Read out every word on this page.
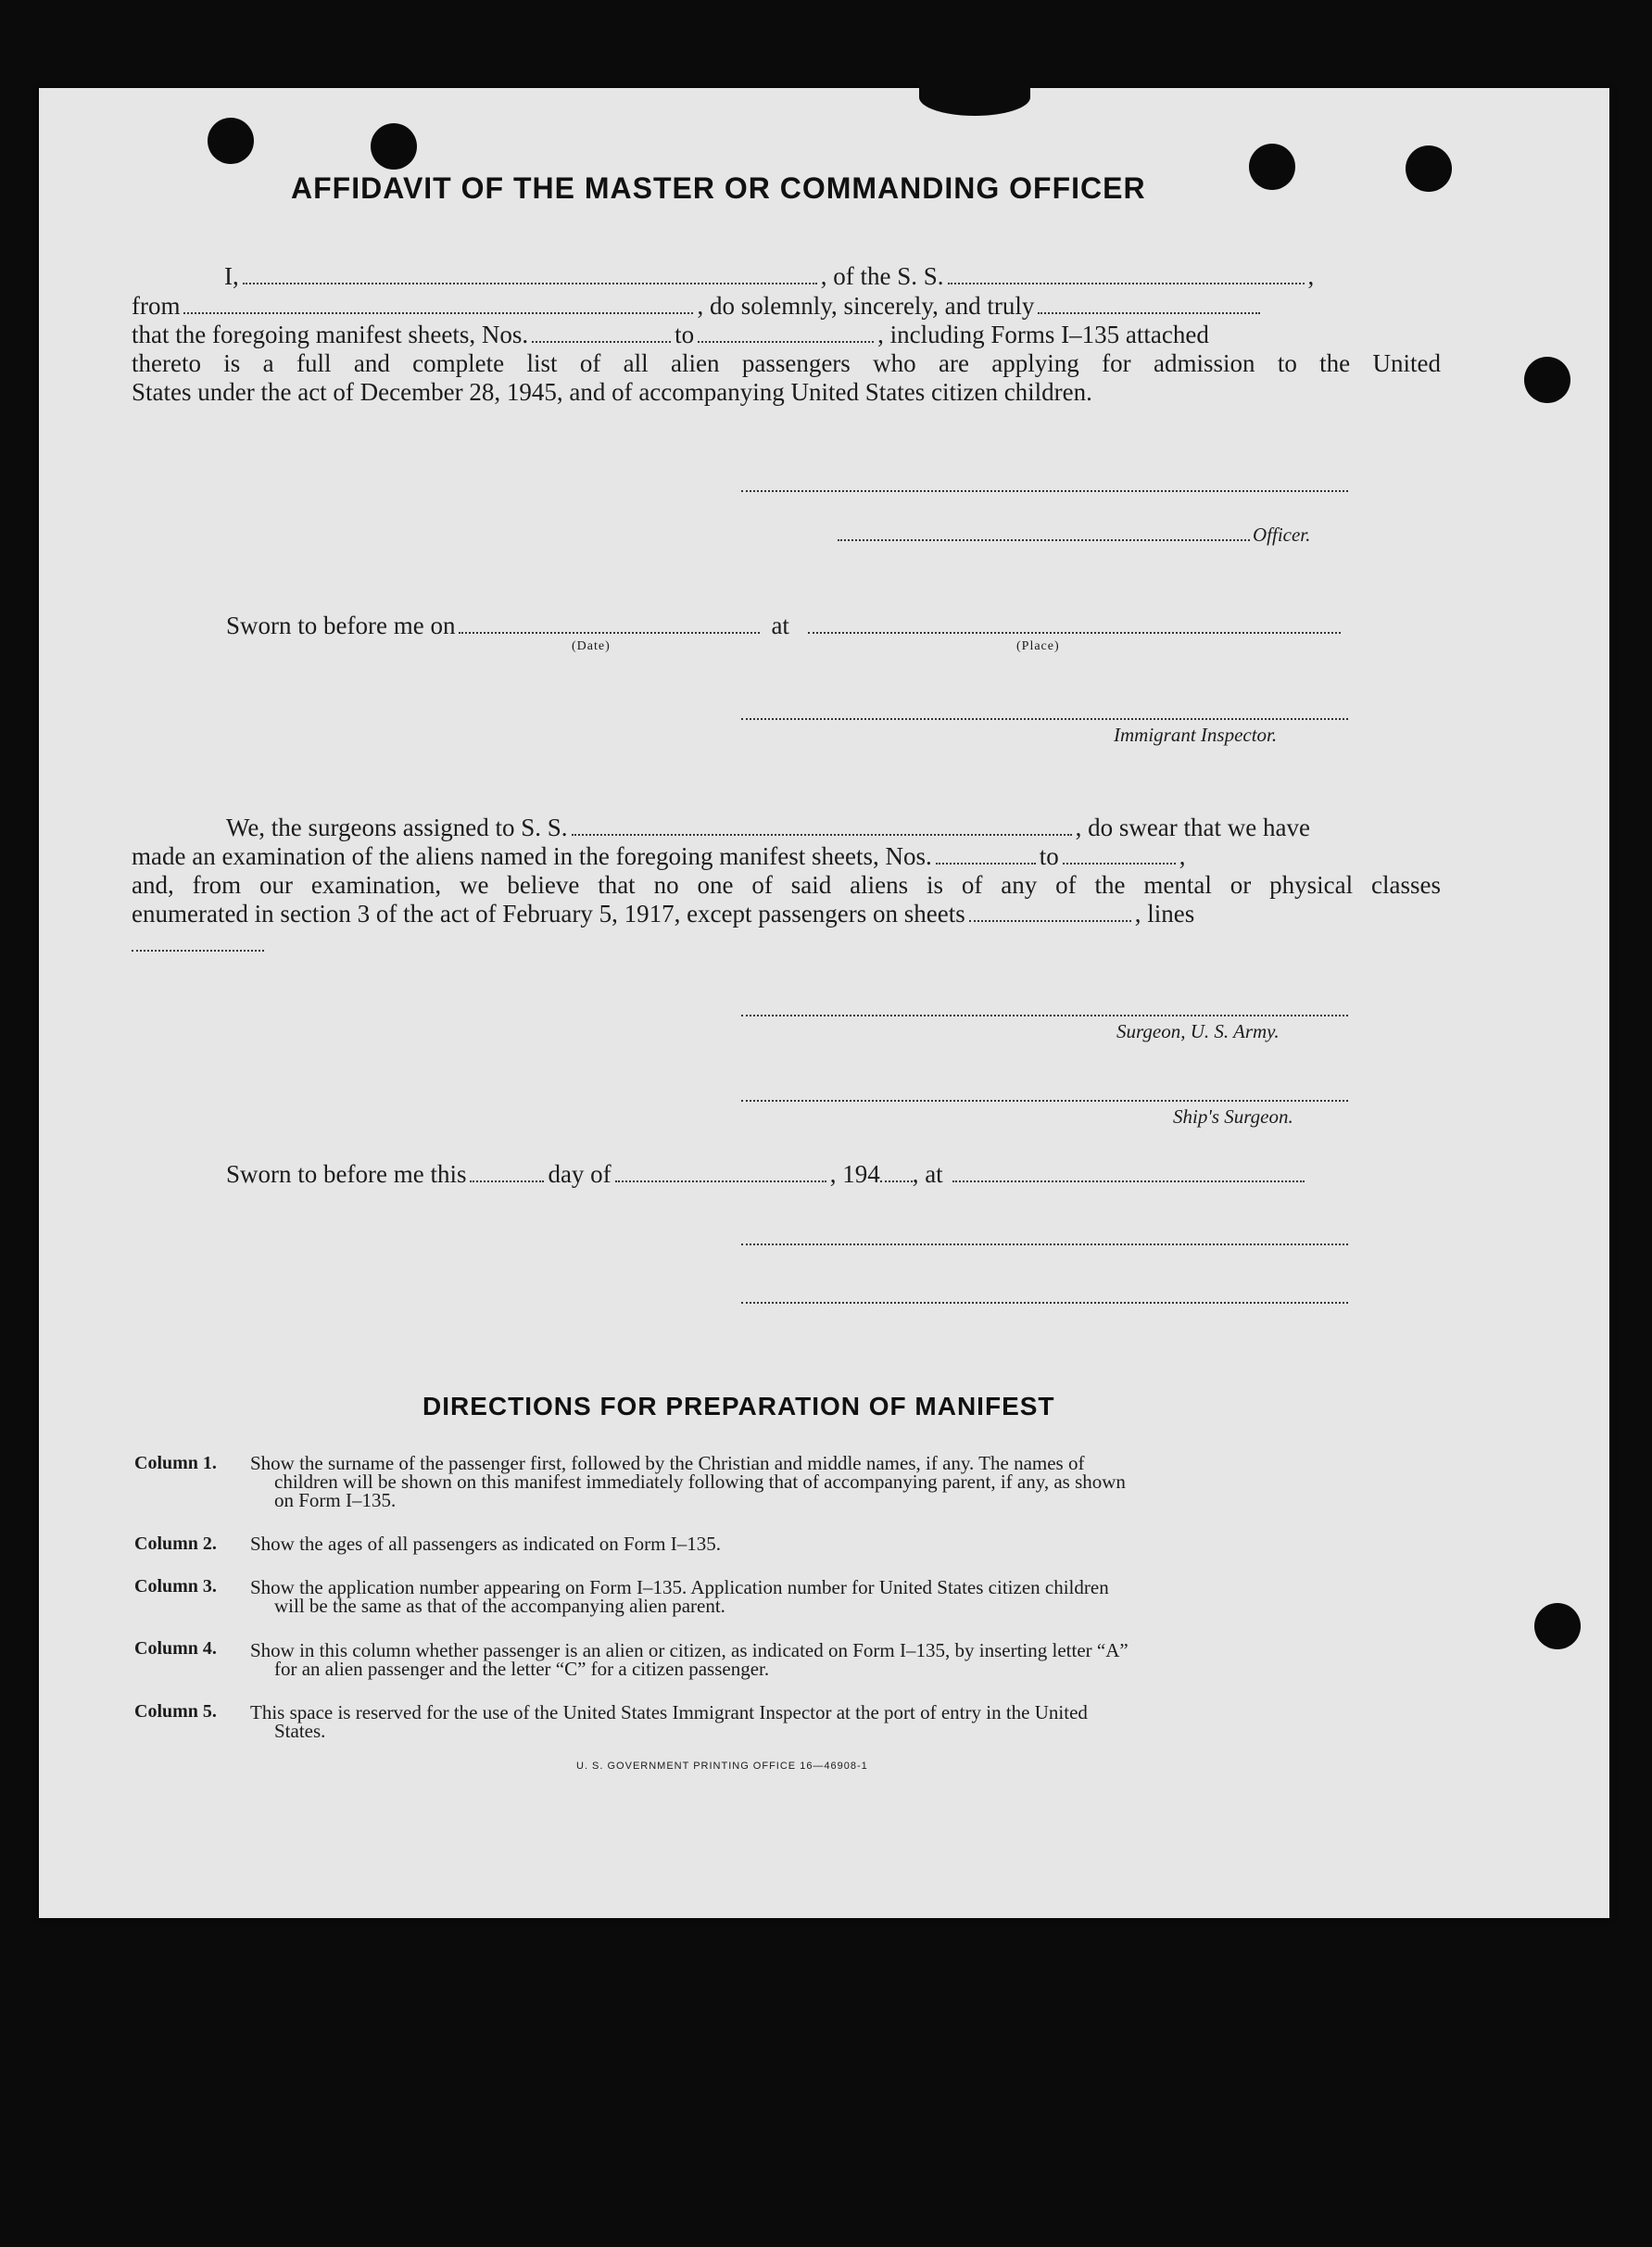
AFFIDAVIT OF THE MASTER OR COMMANDING OFFICER
I,	, of the S. S.	,
from	, do solemnly, sincerely, and truly
that the foregoing manifest sheets, Nos.	to	, including Forms I–135 attached
thereto is a full and complete list of all alien passengers who are applying for admission to the United
States under the act of December 28, 1945, and of accompanying United States citizen children.
Officer.
Sworn to before me on	at
(Date)	(Place)
Immigrant Inspector.
We, the surgeons assigned to S. S.	, do swear that we have
made an examination of the aliens named in the foregoing manifest sheets, Nos.	to	,
and, from our examination, we believe that no one of said aliens is of any of the mental or physical classes
enumerated in section 3 of the act of February 5, 1917, except passengers on sheets	, lines
Surgeon, U. S. Army.
Ship's Surgeon.
Sworn to before me this	day of	, 194 , at
DIRECTIONS FOR PREPARATION OF MANIFEST
Column 1. Show the surname of the passenger first, followed by the Christian and middle names, if any. The names of
children will be shown on this manifest immediately following that of accompanying parent, if any, as shown
on Form I–135.
Column 2. Show the ages of all passengers as indicated on Form I–135.
Column 3. Show the application number appearing on Form I–135. Application number for United States citizen children
will be the same as that of the accompanying alien parent.
Column 4. Show in this column whether passenger is an alien or citizen, as indicated on Form I–135, by inserting letter “A”
for an alien passenger and the letter “C” for a citizen passenger.
Column 5. This space is reserved for the use of the United States Immigrant Inspector at the port of entry in the United
States.
U. S. GOVERNMENT PRINTING OFFICE 16—46908-1
